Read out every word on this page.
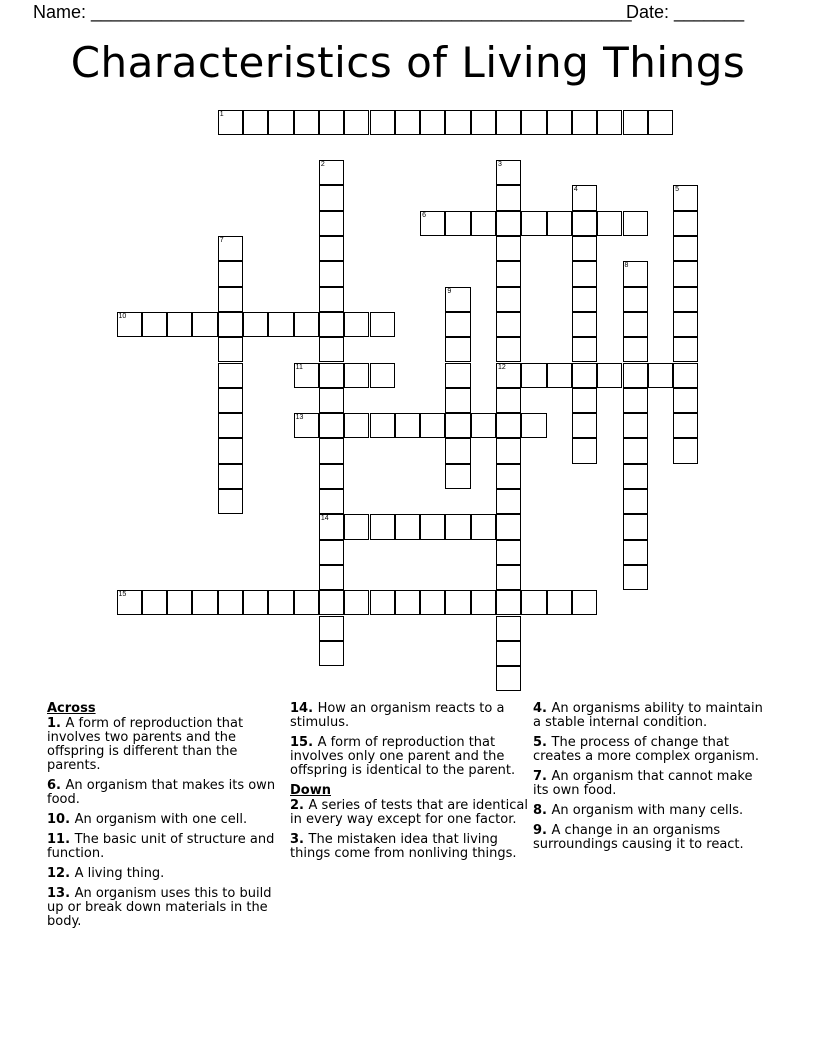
Name: ______________________________________________________
Date: _______
Characteristics of Living Things
1
6
10
11	12
13
14
15
2	3
4	5
7
8
9
Across
1. A form of reproduction that involves two parents and the offspring is different than the parents.
6. An organism that makes its own food.
10. An organism with one cell.
11. The basic unit of structure and function.
12. A living thing.
13. An organism uses this to build up or break down materials in the body.
14. How an organism reacts to a stimulus.
15. A form of reproduction that involves only one parent and the offspring is identical to the parent.
Down
2. A series of tests that are identical in every way except for one factor.
3. The mistaken idea that living things come from nonliving things.
4. An organisms ability to maintain a stable internal condition.
5. The process of change that creates a more complex organism.
7. An organism that cannot make its own food.
8. An organism with many cells.
9. A change in an organisms surroundings causing it to react.
